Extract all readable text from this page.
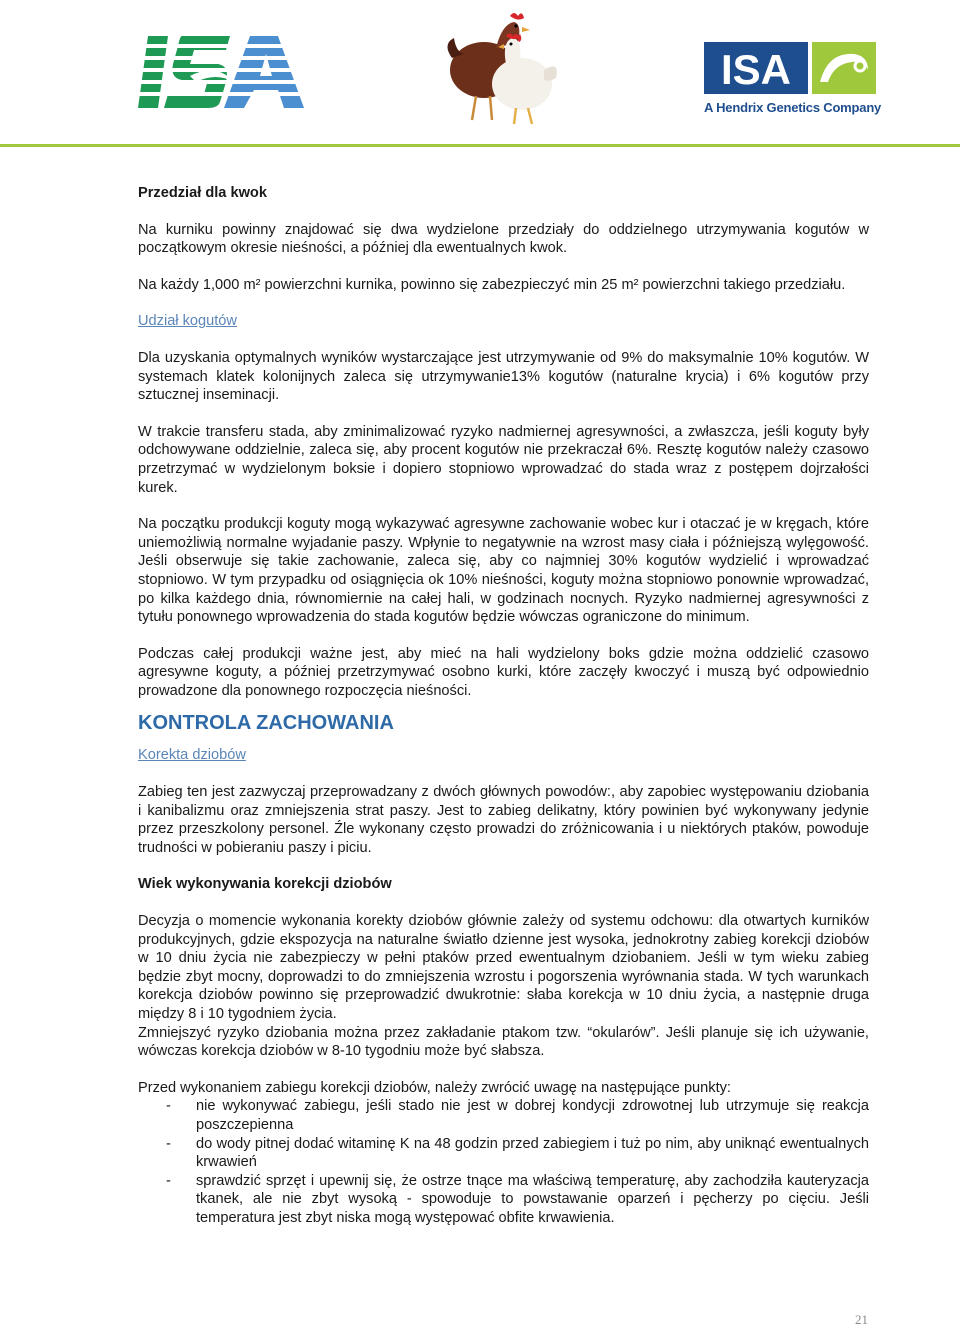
ISA
A Hendrix Genetics Company

Przedział dla kwok

Na kurniku powinny znajdować się dwa wydzielone przedziały do oddzielnego utrzymywania kogutów w początkowym okresie nieśności, a później dla ewentualnych kwok.

Na każdy 1,000 m² powierzchni kurnika, powinno się zabezpieczyć min 25 m² powierzchni takiego przedziału.

Udział kogutów

Dla uzyskania optymalnych wyników wystarczające jest utrzymywanie od 9% do maksymalnie 10% kogutów. W systemach klatek kolonijnych zaleca się utrzymywanie13% kogutów (naturalne krycia) i 6% kogutów przy sztucznej inseminacji.

W trakcie transferu stada, aby zminimalizować ryzyko nadmiernej agresywności, a zwłaszcza, jeśli koguty były odchowywane oddzielnie, zaleca się, aby procent kogutów nie przekraczał 6%. Resztę kogutów należy czasowo przetrzymać w wydzielonym boksie i dopiero stopniowo wprowadzać do stada wraz z postępem dojrzałości kurek.

Na początku produkcji koguty mogą wykazywać agresywne zachowanie wobec kur i otaczać je w kręgach, które uniemożliwią normalne wyjadanie paszy. Wpłynie to negatywnie na wzrost masy ciała i późniejszą wylęgowość. Jeśli obserwuje się takie zachowanie, zaleca się, aby co najmniej 30% kogutów wydzielić i wprowadzać stopniowo. W tym przypadku od osiągnięcia ok 10% nieśności, koguty można stopniowo ponownie wprowadzać, po kilka każdego dnia, równomiernie na całej hali, w godzinach nocnych. Ryzyko nadmiernej agresywności z tytułu ponownego wprowadzenia do stada kogutów będzie wówczas ograniczone do minimum.

Podczas całej produkcji ważne jest, aby mieć na hali wydzielony boks gdzie można oddzielić czasowo agresywne koguty, a później przetrzymywać osobno kurki, które zaczęły kwoczyć i muszą być odpowiednio prowadzone dla ponownego rozpoczęcia nieśności.

KONTROLA ZACHOWANIA

Korekta dziobów

Zabieg ten jest zazwyczaj przeprowadzany z dwóch głównych powodów:, aby zapobiec występowaniu dziobania i kanibalizmu oraz zmniejszenia strat paszy. Jest to zabieg delikatny, który powinien być wykonywany jedynie przez przeszkolony personel. Źle wykonany często prowadzi do zróżnicowania i u niektórych ptaków, powoduje trudności w pobieraniu paszy i piciu.

Wiek wykonywania korekcji dziobów

Decyzja o momencie wykonania korekty dziobów głównie zależy od systemu odchowu: dla otwartych kurników produkcyjnych, gdzie ekspozycja na naturalne światło dzienne jest wysoka, jednokrotny zabieg korekcji dziobów w 10 dniu życia nie zabezpieczy w pełni ptaków przed ewentualnym dziobaniem. Jeśli w tym wieku zabieg będzie zbyt mocny, doprowadzi to do zmniejszenia wzrostu i pogorszenia wyrównania stada. W tych warunkach korekcja dziobów powinno się przeprowadzić dwukrotnie: słaba korekcja w 10 dniu życia, a następnie druga między 8 i 10 tygodniem życia.

Zmniejszyć ryzyko dziobania można przez zakładanie ptakom tzw. “okularów”. Jeśli planuje się ich używanie, wówczas korekcja dziobów w 8-10 tygodniu może być słabsza.

Przed wykonaniem zabiegu korekcji dziobów, należy zwrócić uwagę na następujące punkty:

- nie wykonywać zabiegu, jeśli stado nie jest w dobrej kondycji zdrowotnej lub utrzymuje się reakcja poszczepienna
- do wody pitnej dodać witaminę K na 48 godzin przed zabiegiem i tuż po nim, aby uniknąć ewentualnych krwawień
- sprawdzić sprzęt i upewnij się, że ostrze tnące ma właściwą temperaturę, aby zachodziła kauteryzacja tkanek, ale nie zbyt wysoką - spowoduje to powstawanie oparzeń i pęcherzy po cięciu. Jeśli temperatura jest zbyt niska mogą występować obfite krwawienia.
21
